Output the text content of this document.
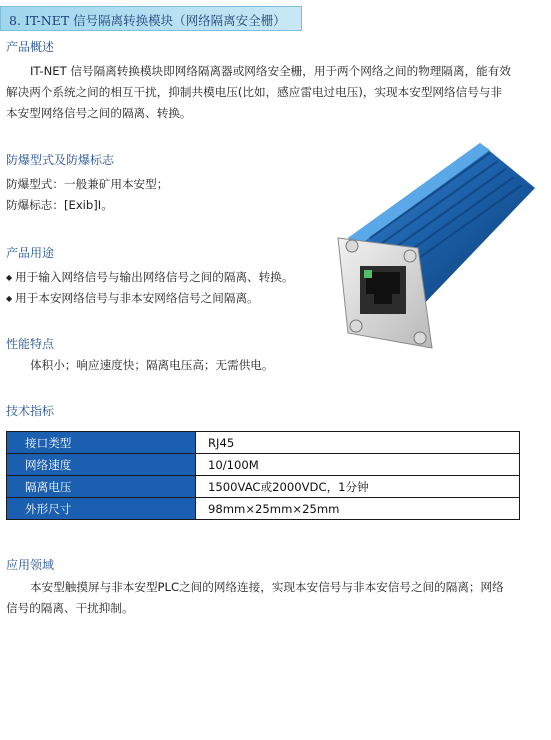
8. IT-NET 信号隔离转换模块（网络隔离安全栅）
产品概述
IT-NET 信号隔离转换模块即网络隔离器或网络安全栅，用于两个网络之间的物理隔离，能有效
解决两个系统之间的相互干扰，抑制共模电压(比如，感应雷电过电压)，实现本安型网络信号与非
本安型网络信号之间的隔离、转换。
防爆型式及防爆标志
防爆型式：一般兼矿用本安型；
防爆标志：[Exib]I。
产品用途
◆ 用于输入网络信号与输出网络信号之间的隔离、转换。
◆ 用于本安网络信号与非本安网络信号之间隔离。
性能特点
体积小；响应速度快；隔离电压高；无需供电。
技术指标
接口类型	RJ45
网络速度	10/100M
隔离电压	1500VAC或2000VDC，1分钟
外形尺寸	98mm×25mm×25mm
应用领域
本安型触摸屏与非本安型PLC之间的网络连接，实现本安信号与非本安信号之间的隔离；网络
信号的隔离、干扰抑制。
